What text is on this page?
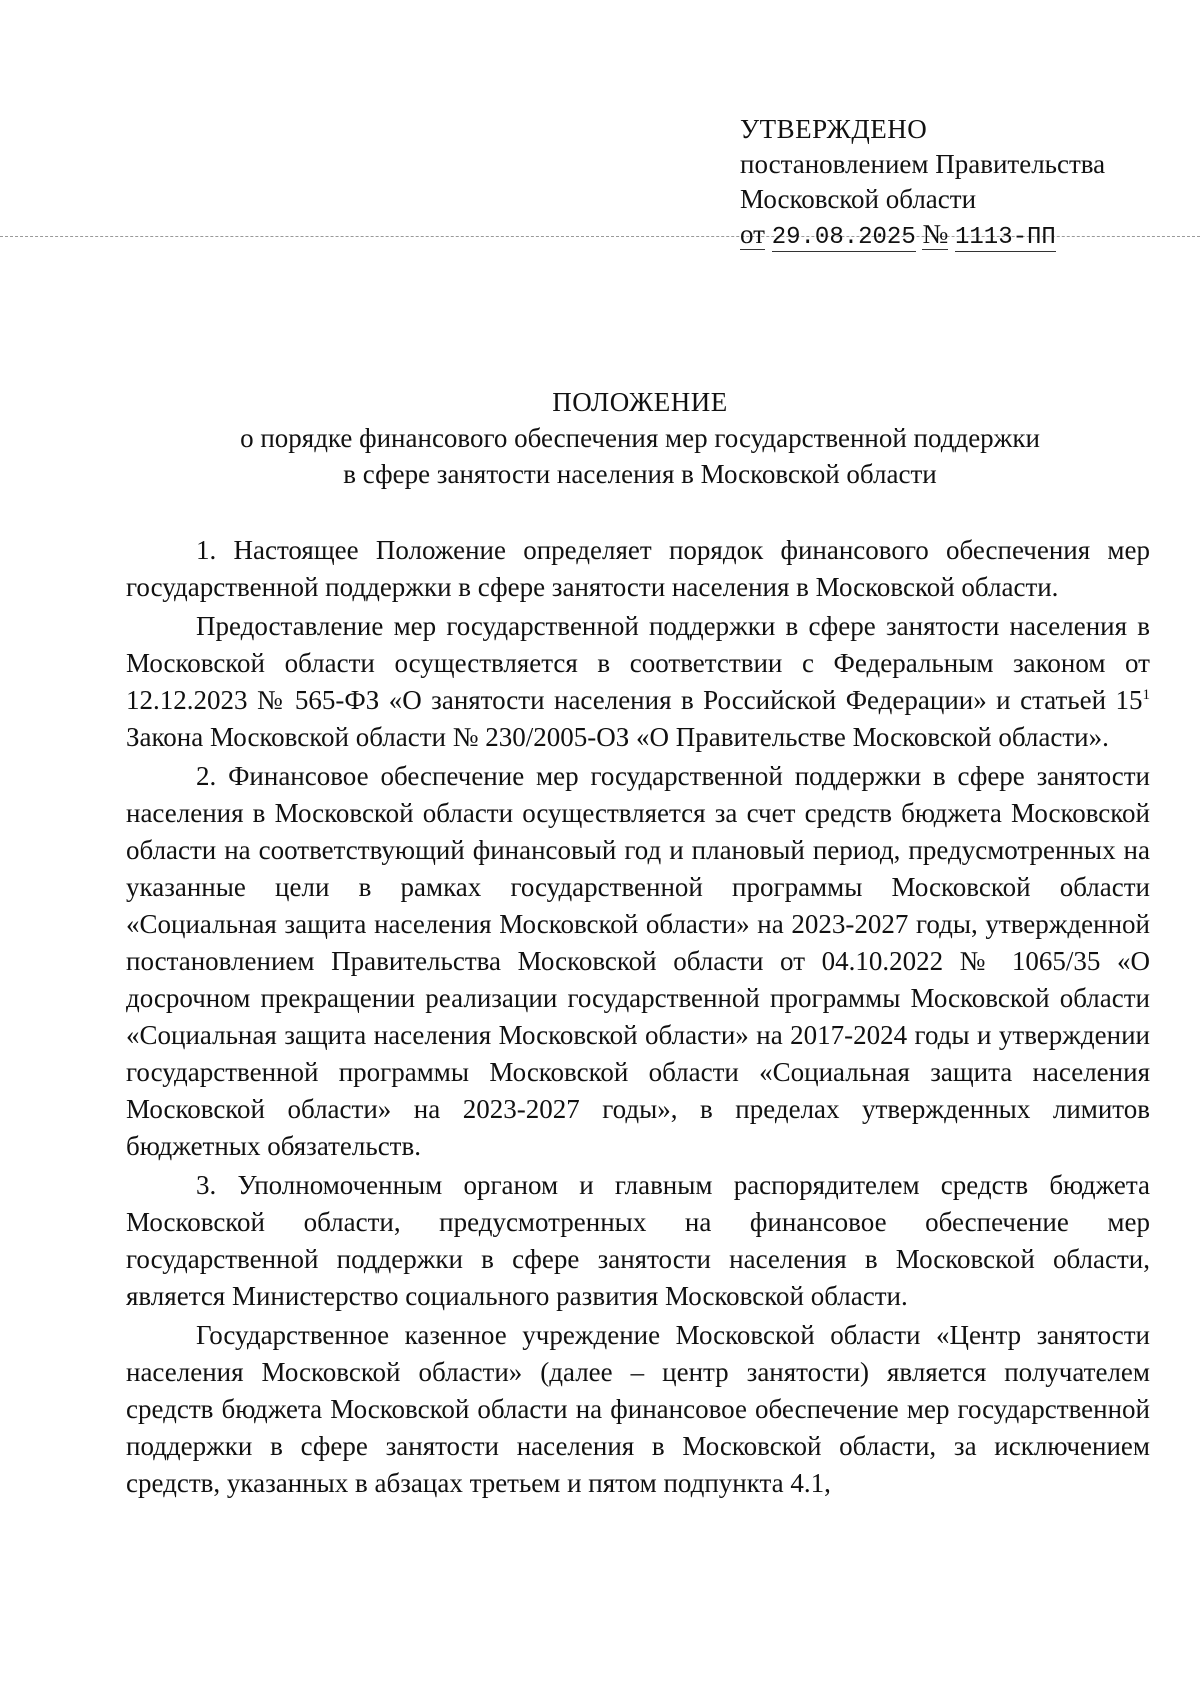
УТВЕРЖДЕНО
постановлением Правительства
Московской области
от 29.08.2025 № 1113-ПП
ПОЛОЖЕНИЕ
о порядке финансового обеспечения мер государственной поддержки
в сфере занятости населения в Московской области

1. Настоящее Положение определяет порядок финансового обеспечения мер государственной поддержки в сфере занятости населения в Московской области.

Предоставление мер государственной поддержки в сфере занятости населения в Московской области осуществляется в соответствии с Федеральным законом от 12.12.2023 № 565-ФЗ «О занятости населения в Российской Федерации» и статьей $15^1$ Закона Московской области № 230/2005-ОЗ «О Правительстве Московской области».

2. Финансовое обеспечение мер государственной поддержки в сфере занятости населения в Московской области осуществляется за счет средств бюджета Московской области на соответствующий финансовый год и плановый период, предусмотренных на указанные цели в рамках государственной программы Московской области «Социальная защита населения Московской области» на 2023-2027 годы, утвержденной постановлением Правительства Московской области от 04.10.2022 № 1065/35 «О досрочном прекращении реализации государственной программы Московской области «Социальная защита населения Московской области» на 2017-2024 годы и утверждении государственной программы Московской области «Социальная защита населения Московской области» на 2023-2027 годы», в пределах утвержденных лимитов бюджетных обязательств.

3. Уполномоченным органом и главным распорядителем средств бюджета Московской области, предусмотренных на финансовое обеспечение мер государственной поддержки в сфере занятости населения в Московской области, является Министерство социального развития Московской области.

Государственное казенное учреждение Московской области «Центр занятости населения Московской области» (далее – центр занятости) является получателем средств бюджета Московской области на финансовое обеспечение мер государственной поддержки в сфере занятости населения в Московской области, за исключением средств, указанных в абзацах третьем и пятом подпункта 4.1,
